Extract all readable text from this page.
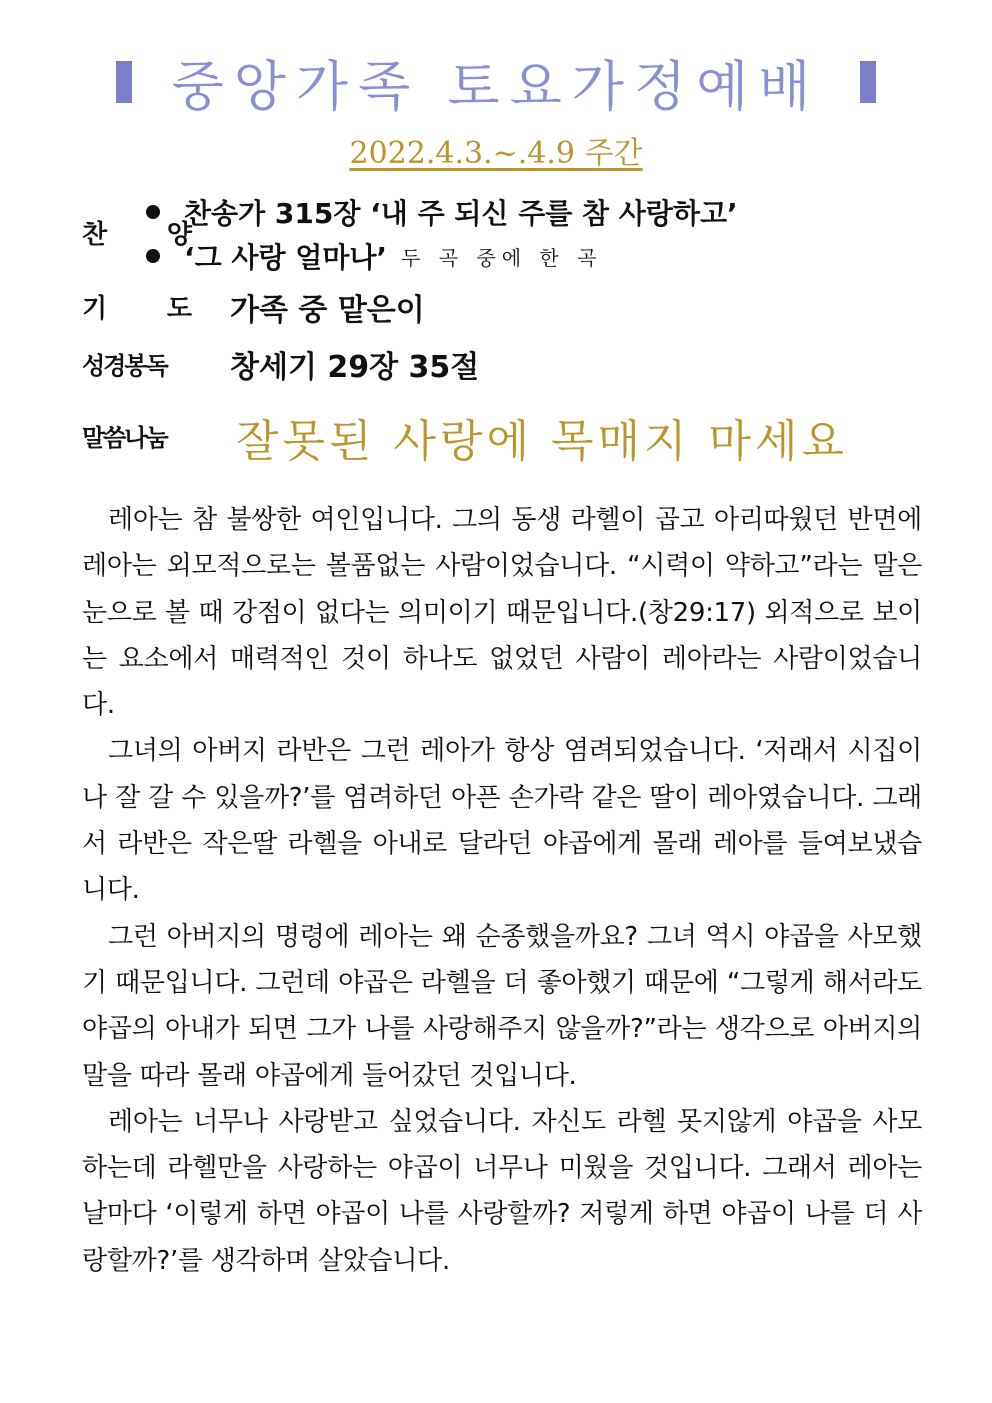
중앙가족 토요가정예배
2022.4.3.~.4.9 주간
찬 양
찬송가 315장 ‘내 주 되신 주를 참 사랑하고’
‘그 사랑 얼마나’ 두 곡 중에 한 곡
기 도 가족 중 맡은이
성경봉독	창세기 29장 35절
말씀나눔	잘못된 사랑에 목매지 마세요

레아는 참 불쌍한 여인입니다. 그의 동생 라헬이 곱고 아리따웠던 반면에 레아는 외모적으로는 볼품없는 사람이었습니다. “시력이 약하고”라는 말은 눈으로 볼 때 강점이 없다는 의미이기 때문입니다.(창29:17) 외적으로 보이는 요소에서 매력적인 것이 하나도 없었던 사람이 레아라는 사람이었습니다.

그녀의 아버지 라반은 그런 레아가 항상 염려되었습니다. ‘저래서 시집이나 잘 갈 수 있을까?’를 염려하던 아픈 손가락 같은 딸이 레아였습니다. 그래서 라반은 작은딸 라헬을 아내로 달라던 야곱에게 몰래 레아를 들여보냈습니다.

그런 아버지의 명령에 레아는 왜 순종했을까요? 그녀 역시 야곱을 사모했기 때문입니다. 그런데 야곱은 라헬을 더 좋아했기 때문에 “그렇게 해서라도 야곱의 아내가 되면 그가 나를 사랑해주지 않을까?”라는 생각으로 아버지의 말을 따라 몰래 야곱에게 들어갔던 것입니다.

레아는 너무나 사랑받고 싶었습니다. 자신도 라헬 못지않게 야곱을 사모하는데 라헬만을 사랑하는 야곱이 너무나 미웠을 것입니다. 그래서 레아는 날마다 ‘이렇게 하면 야곱이 나를 사랑할까? 저렇게 하면 야곱이 나를 더 사랑할까?’를 생각하며 살았습니다.
